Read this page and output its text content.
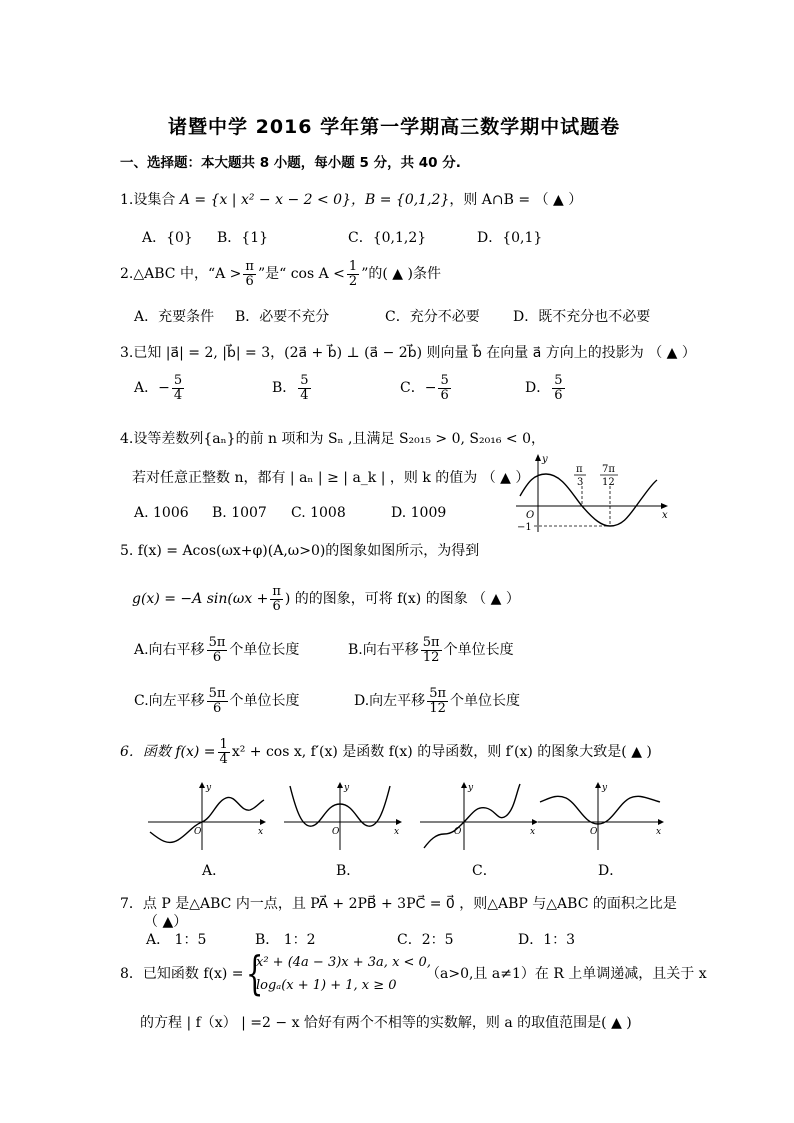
诸暨中学 2016 学年第一学期高三数学期中试题卷
一、选择题：本大题共 8 小题，每小题 5 分，共 40 分.
1.设集合 A = {x | x² − x − 2 < 0}，B = {0,1,2}，则 A∩B = （ ▲ ）
A．{0} B．{1}	C．{0,1,2}	D．{0,1}
2.△ABC 中，“$A > \frac{\pi}{6}$ ”是“ $\cos A < \frac{1}{2}$ ”的( ▲ )条件
A．充要条件 B．必要不充分	C．充分不必要 D．既不充分也不必要
3.已知 |a⃗| = 2, |b⃗| = 3，(2a⃗ + b⃗) ⊥ (a⃗ − 2b⃗) 则向量 b⃗ 在向量 a⃗ 方向上的投影为 （ ▲ ）
A．− $\frac{5}{4}$	B． $\frac{5}{4}$	C．− $\frac{5}{6}$	D． $\frac{5}{6}$
4.设等差数列{aₙ}的前 n 项和为 Sₙ ,且满足 S₂₀₁₅ > 0, S₂₀₁₆ < 0，
若对任意正整数 n，都有 | aₙ | ≥ | a_k | ，则 k 的值为 （ ▲ ）
A. 1006 B. 1007 C. 1008	D. 1009
y
x
O
π
3
7π
12
−1
5. f(x) = Acos(ωx+φ)(A,ω>0)的图象如图所示，为得到
g(x) = −A $\sin(\omega x + \frac{\pi}{6}$ ) 的的图象，可将 f(x) 的图象 （ ▲ ）
A.向右平移 $\frac{5\pi}{6}$ 个单位长度	B.向右平移 $\frac{5\pi}{12}$ 个单位长度
C.向左平移 $\frac{5\pi}{6}$ 个单位长度	D.向左平移 $\frac{5\pi}{12}$ 个单位长度
6．函数 $f(x) = \frac{1}{4} x^2 + \cos x$, f′(x) 是函数 f(x) 的导函数，则 f′(x) 的图象大致是( ▲ )
y
x
O
y
x
O
y
x
O
y
x
O
A．	B．	C．	D．
7．点 P 是△ABC 内一点，且 PA⃗ + 2PB⃗ + 3PC⃗ = 0⃗ ，则△ABP 与△ABC 的面积之比是
（ ▲）
A． 1：5	B． 1：2	C．2：5	D．1：3
8．已知函数 f(x) = {
x² + (4a − 3)x + 3a, x < 0,
logₐ(x + 1) + 1, x ≥ 0
（a>0,且 a≠1）在 R 上单调递减，且关于 x
的方程 | f（x） | =2 − x 恰好有两个不相等的实数解，则 a 的取值范围是( ▲ )
